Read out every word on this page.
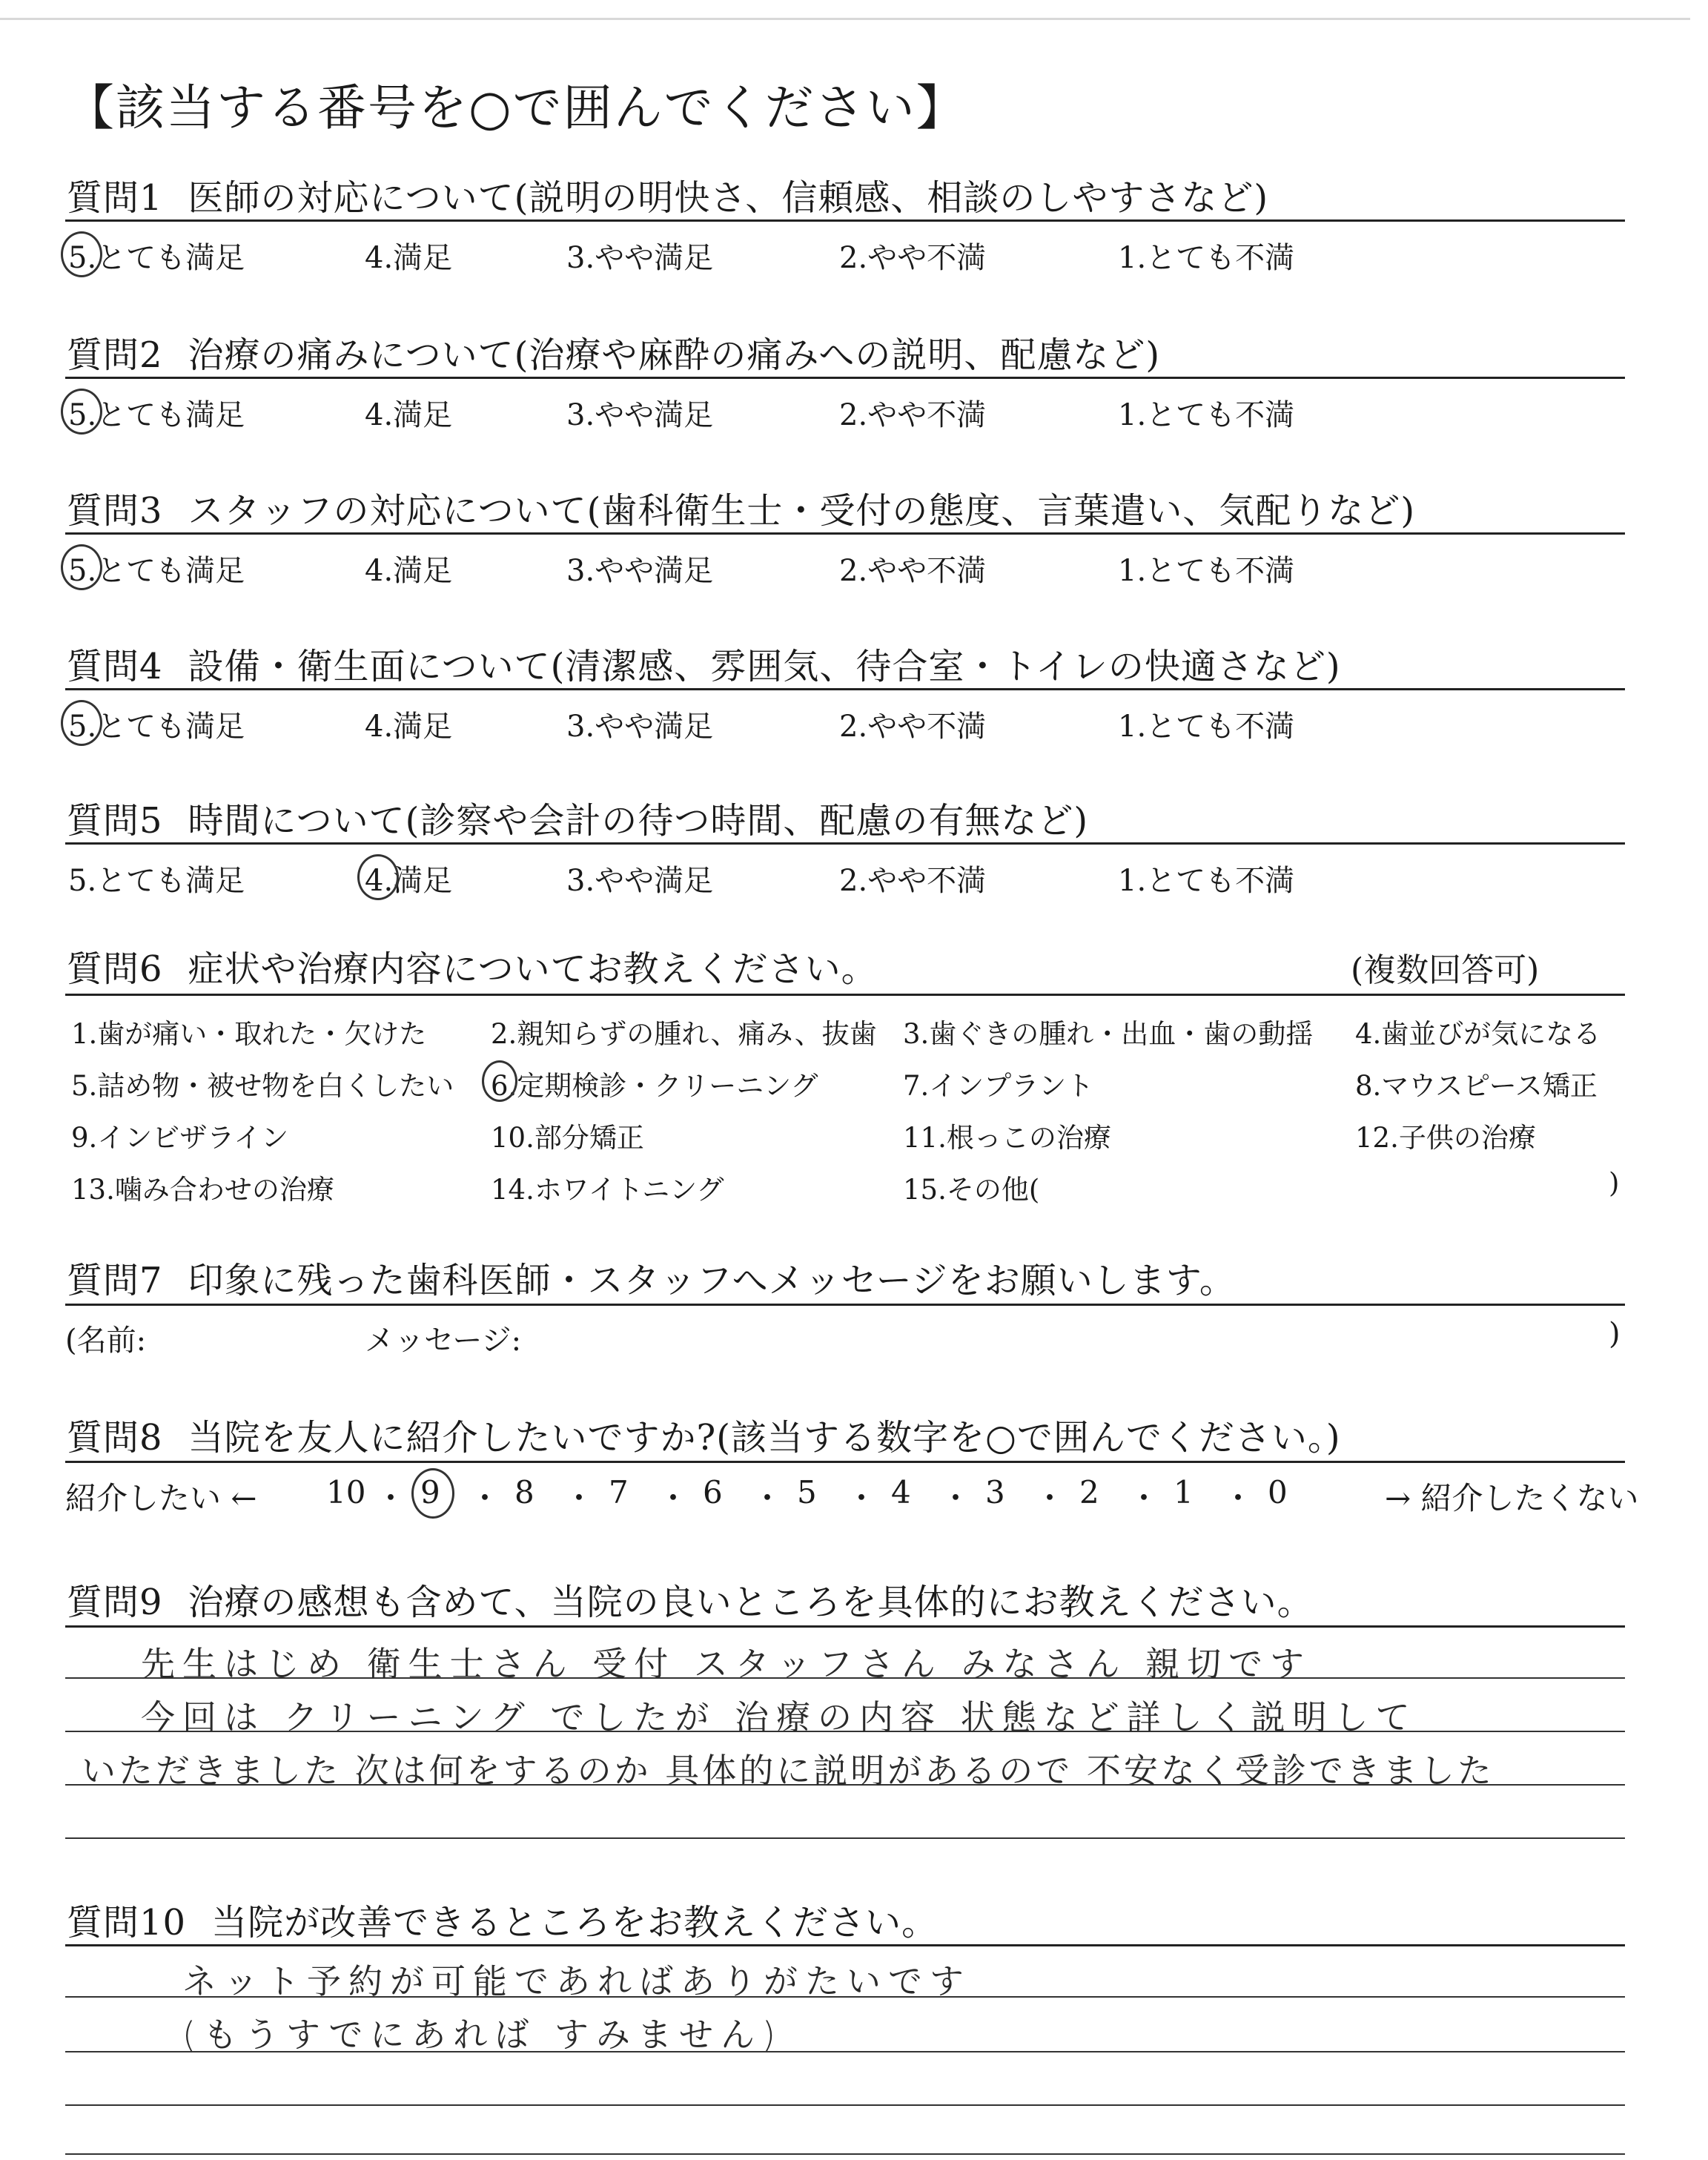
【該当する番号を○で囲んでください】
質問1 医師の対応について(説明の明快さ、信頼感、相談のしやすさなど)
5.とても満足	4.満足	3.やや満足	2.やや不満	1.とても不満
質問2 治療の痛みについて(治療や麻酔の痛みへの説明、配慮など)
5.とても満足	4.満足	3.やや満足	2.やや不満	1.とても不満
質問3 スタッフの対応について(歯科衛生士・受付の態度、言葉遣い、気配りなど)
5.とても満足	4.満足	3.やや満足	2.やや不満	1.とても不満
質問4 設備・衛生面について(清潔感、雰囲気、待合室・トイレの快適さなど)
5.とても満足	4.満足	3.やや満足	2.やや不満	1.とても不満
質問5 時間について(診察や会計の待つ時間、配慮の有無など)
5.とても満足	4.満足	3.やや満足	2.やや不満	1.とても不満
質問6 症状や治療内容についてお教えください。	(複数回答可)
1.歯が痛い・取れた・欠けた 2.親知らずの腫れ、痛み、抜歯 3.歯ぐきの腫れ・出血・歯の動揺 4.歯並びが気になる
5.詰め物・被せ物を白くしたい 6.定期検診・クリーニング	7.インプラント	8.マウスピース矯正
9.インビザライン	10.部分矯正	11.根っこの治療	12.子供の治療
13.噛み合わせの治療	14.ホワイトニング	15.その他(	)
質問7 印象に残った歯科医師・スタッフへメッセージをお願いします。
(名前:	メッセージ:	)
質問8 当院を友人に紹介したいですか?(該当する数字を○で囲んでください。)
紹介したい ←	→ 紹介したくない
10 ・ 9 ・ 8 ・ 7 ・ 6 ・ 5 ・ 4 ・ 3 ・ 2 ・ 1 ・ 0
質問9 治療の感想も含めて、当院の良いところを具体的にお教えください。
先生はじめ 衛生士さん 受付 スタッフさん みなさん 親切です
今回は クリーニング でしたが 治療の内容 状態など詳しく説明して
いただきました 次は何をするのか 具体的に説明があるので 不安なく受診できました
質問10 当院が改善できるところをお教えください。
ネット予約が可能であればありがたいです
(もうすでにあれば すみません)
